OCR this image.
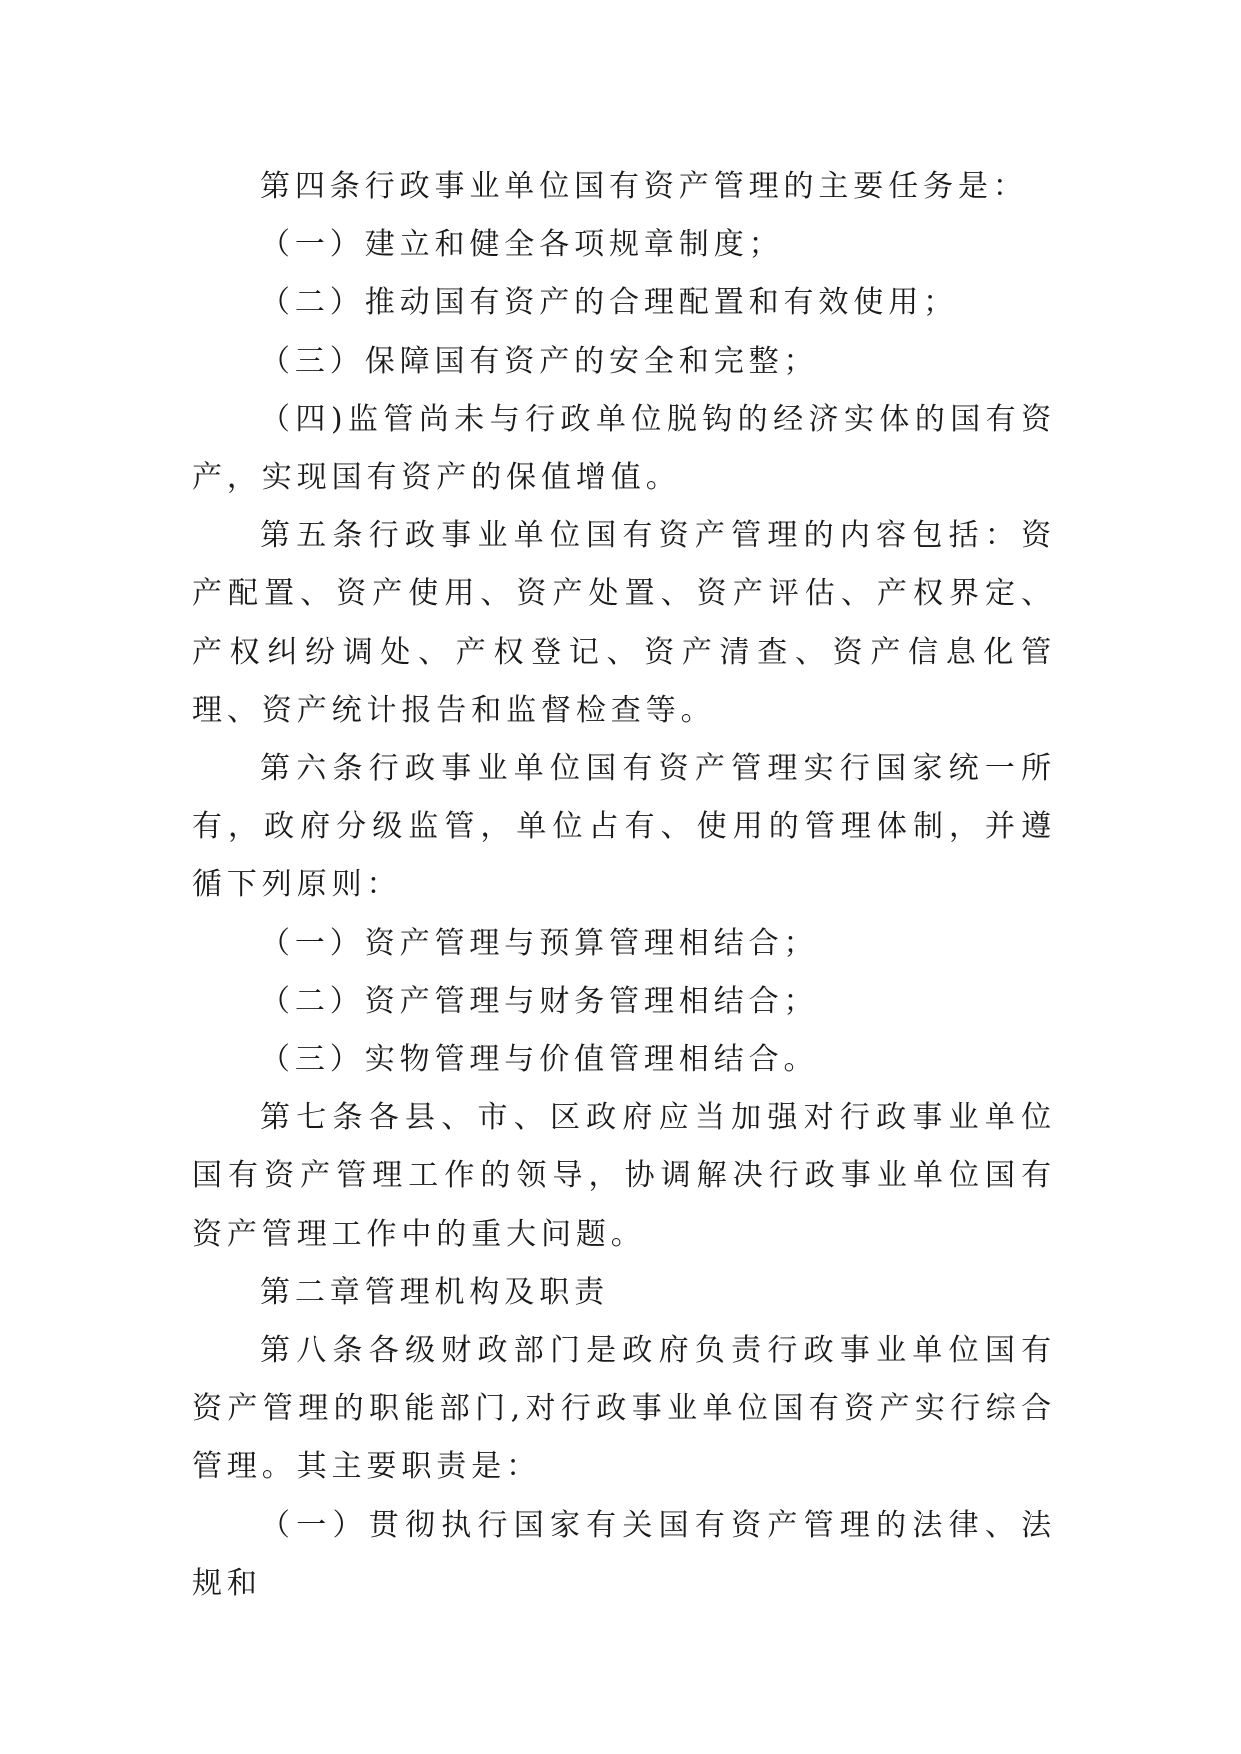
第四条行政事业单位国有资产管理的主要任务是：

（一）建立和健全各项规章制度；

（二）推动国有资产的合理配置和有效使用；

（三）保障国有资产的安全和完整；

（四)监管尚未与行政单位脱钩的经济实体的国有资产，实现国有资产的保值增值。

第五条行政事业单位国有资产管理的内容包括：资产配置、资产使用、资产处置、资产评估、产权界定、产权纠纷调处、产权登记、资产清查、资产信息化管理、资产统计报告和监督检查等。

第六条行政事业单位国有资产管理实行国家统一所有，政府分级监管，单位占有、使用的管理体制，并遵循下列原则：

（一）资产管理与预算管理相结合；

（二）资产管理与财务管理相结合；

（三）实物管理与价值管理相结合。

第七条各县、市、区政府应当加强对行政事业单位国有资产管理工作的领导，协调解决行政事业单位国有资产管理工作中的重大问题。

第二章管理机构及职责

第八条各级财政部门是政府负责行政事业单位国有资产管理的职能部门,对行政事业单位国有资产实行综合管理。其主要职责是：

（一）贯彻执行国家有关国有资产管理的法律、法规和
